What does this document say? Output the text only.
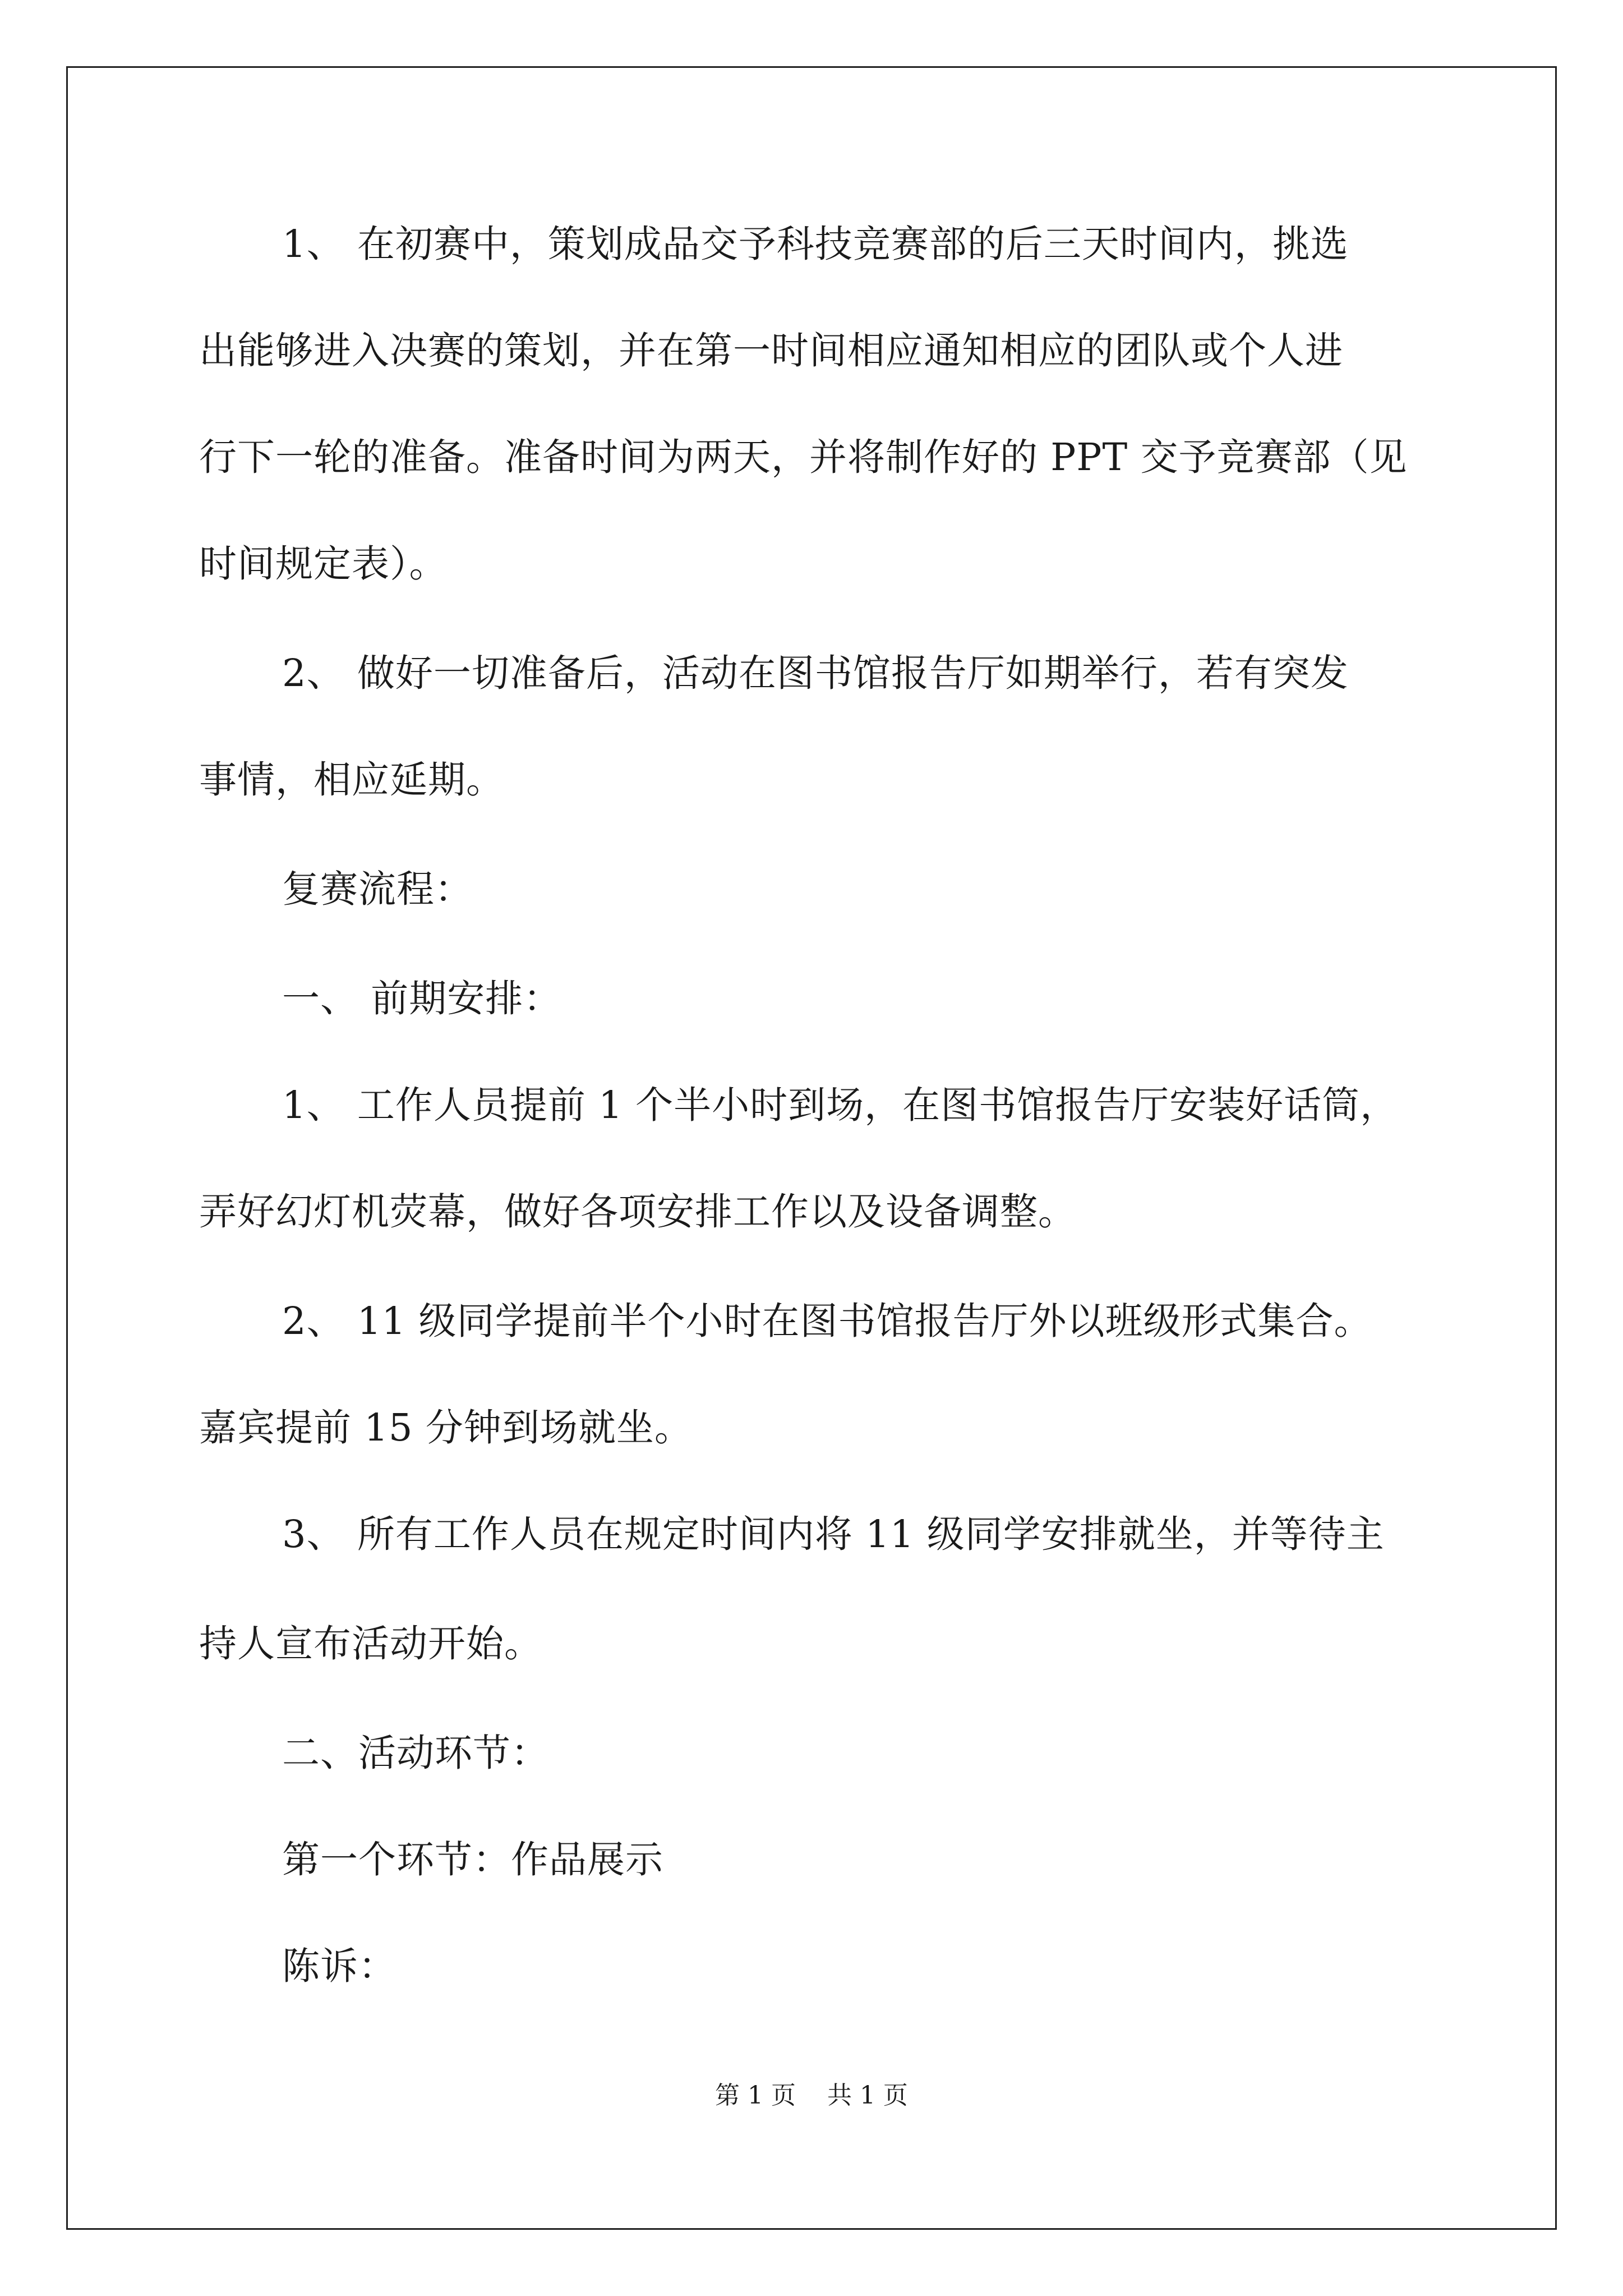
1、 在初赛中，策划成品交予科技竞赛部的后三天时间内，挑选
出能够进入决赛的策划，并在第一时间相应通知相应的团队或个人进
行下一轮的准备。准备时间为两天，并将制作好的 PPT 交予竞赛部（见
时间规定表）。
2、 做好一切准备后，活动在图书馆报告厅如期举行，若有突发
事情，相应延期。
复赛流程：
一、 前期安排：
1、 工作人员提前 1 个半小时到场，在图书馆报告厅安装好话筒，
弄好幻灯机荧幕，做好各项安排工作以及设备调整。
2、 11 级同学提前半个小时在图书馆报告厅外以班级形式集合。
嘉宾提前 15 分钟到场就坐。
3、 所有工作人员在规定时间内将 11 级同学安排就坐，并等待主
持人宣布活动开始。
二、活动环节：
第一个环节：作品展示
陈诉：
第 1 页    共 1 页
